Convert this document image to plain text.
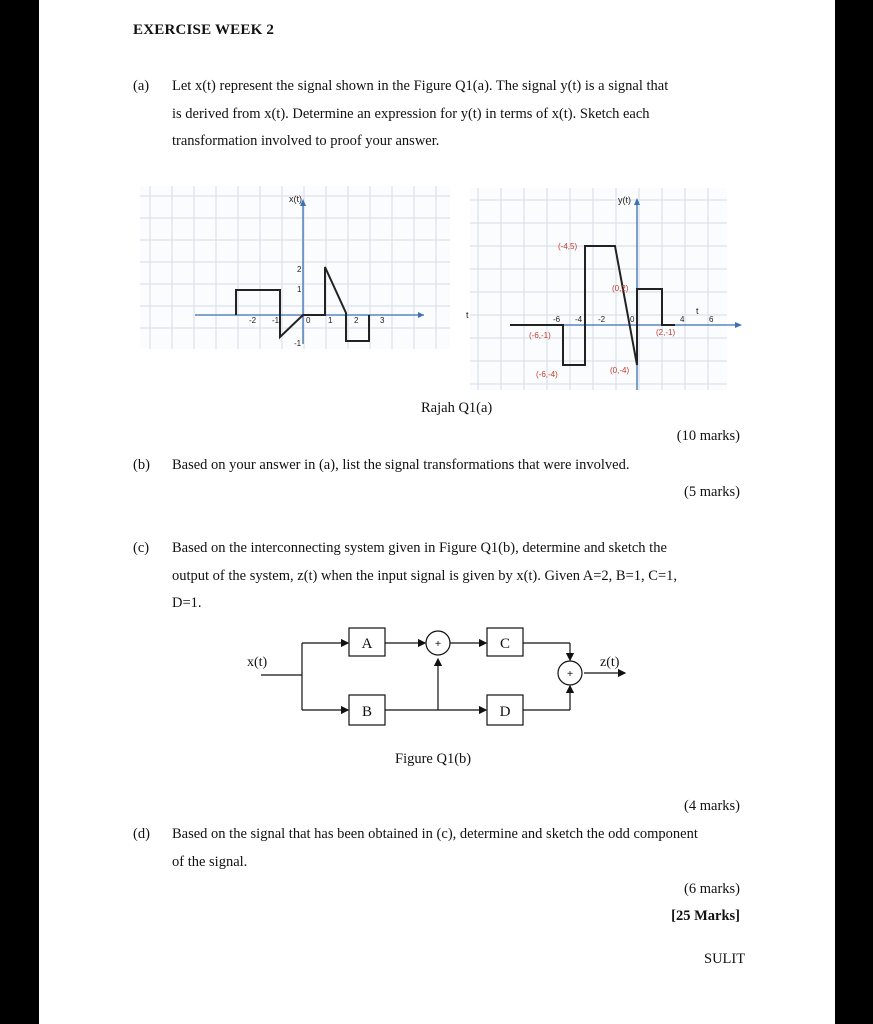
EXERCISE WEEK 2
(a) Let x(t) represent the signal shown in the Figure Q1(a). The signal y(t) is a signal that
is derived from x(t). Determine an expression for y(t) in terms of x(t). Sketch each
transformation involved to proof your answer.
x(t)
-2 -1	0 1	2	3
2
1
-1
t
y(t)
-6 -4 -2	0	4	6
(-4,5)
(0,2)
(-6,-1)	(2,-1)
(-6,-4)	(0,-4)
t
Rajah Q1(a)
(10 marks)
(b) Based on your answer in (a), list the signal transformations that were involved.
(5 marks)
(c) Based on the interconnecting system given in Figure Q1(b), determine and sketch the
output of the system, z(t) when the input signal is given by x(t). Given A=2, B=1, C=1,
D=1.
A
B
C
D
+
+
x(t)	z(t)
Figure Q1(b)
(4 marks)
(d) Based on the signal that has been obtained in (c), determine and sketch the odd component
of the signal.
(6 marks)
[25 Marks]
SULIT
